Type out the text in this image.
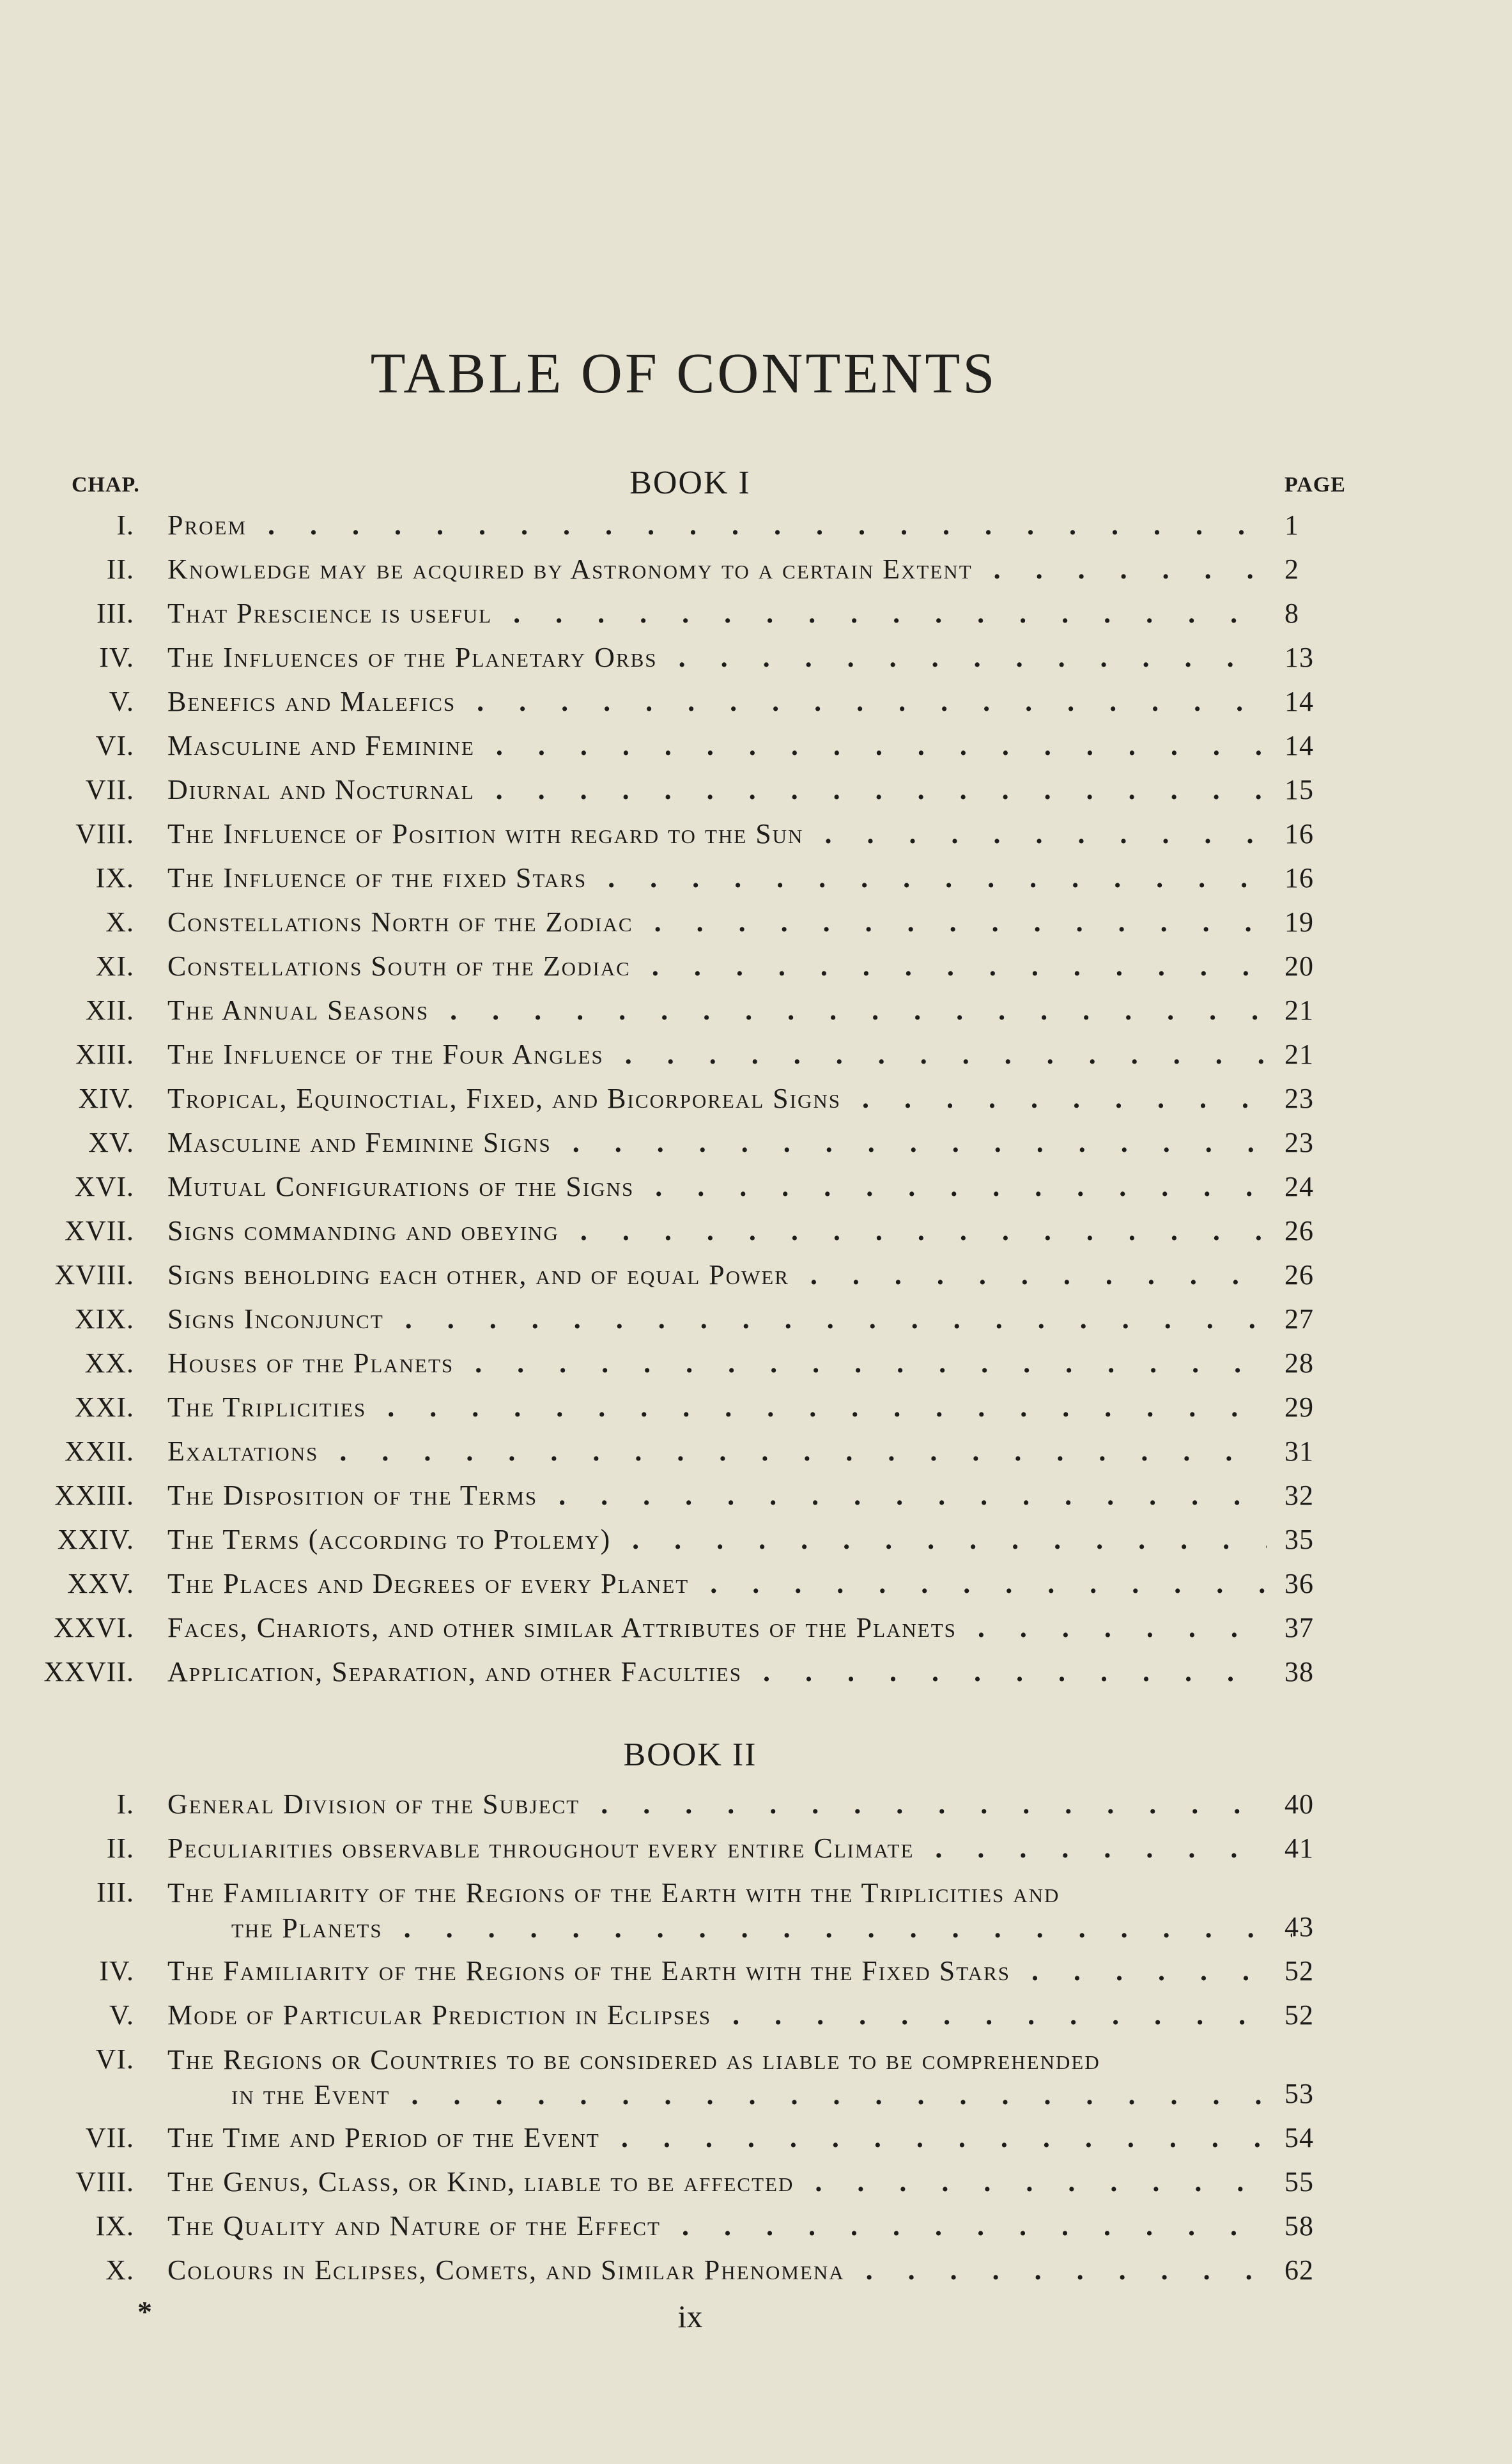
TABLE OF CONTENTS
CHAP.	PAGE
BOOK I
1. I. Proem . . .	1
2. II. Knowledge may be acquired by Astronomy to a certain Extent . . .	2
3. III. That Prescience is useful . . .	8
4. IV. The Influences of the Planetary Orbs . . .	13
5. V. Benefics and Malefics . . .	14
6. VI. Masculine and Feminine . . .	14
7. VII. Diurnal and Nocturnal . . .	15
8. VIII. The Influence of Position with regard to the Sun . . .	16
9. IX. The Influence of the fixed Stars . . .	16
10. X. Constellations North of the Zodiac . . .	19
11. XI. Constellations South of the Zodiac . . .	20
12. XII. The Annual Seasons . . .	21
13. XIII. The Influence of the Four Angles . . .	21
14. XIV. Tropical, Equinoctial, Fixed, and Bicorporeal Signs . . .	23
15. XV. Masculine and Feminine Signs . . .	23
16. XVI. Mutual Configurations of the Signs . . .	24
17. XVII. Signs commanding and obeying . . .	26
18. XVIII. Signs beholding each other, and of equal Power . . .	26
19. XIX. Signs Inconjunct . . .	27
20. XX. Houses of the Planets . . .	28
21. XXI. The Triplicities . . .	29
22. XXII. Exaltations . . .	31
23. XXIII. The Disposition of the Terms . . .	32
24. XXIV. The Terms (according to Ptolemy) . . .	35
25. XXV. The Places and Degrees of every Planet . . .	36
26. XXVI. Faces, Chariots, and other similar Attributes of the Planets . . .	37
27. XXVII. Application, Separation, and other Faculties . . .	38
BOOK II
1. I. General Division of the Subject . . .	40
2. II. Peculiarities observable throughout every entire Climate . . .	41
3. III. The Familiarity of the Regions of the Earth with the Triplicities and
the Planets . . .	43
4. IV. The Familiarity of the Regions of the Earth with the Fixed Stars . . .	52
5. V. Mode of Particular Prediction in Eclipses . . .	52
6. VI. The Regions or Countries to be considered as liable to be comprehended
in the Event . . .	53
7. VII. The Time and Period of the Event . . .	54
8. VIII. The Genus, Class, or Kind, liable to be affected . . .	55
9. IX. The Quality and Nature of the Effect . . .	58
10. X. Colours in Eclipses, Comets, and Similar Phenomena . . .	62
*	ix
